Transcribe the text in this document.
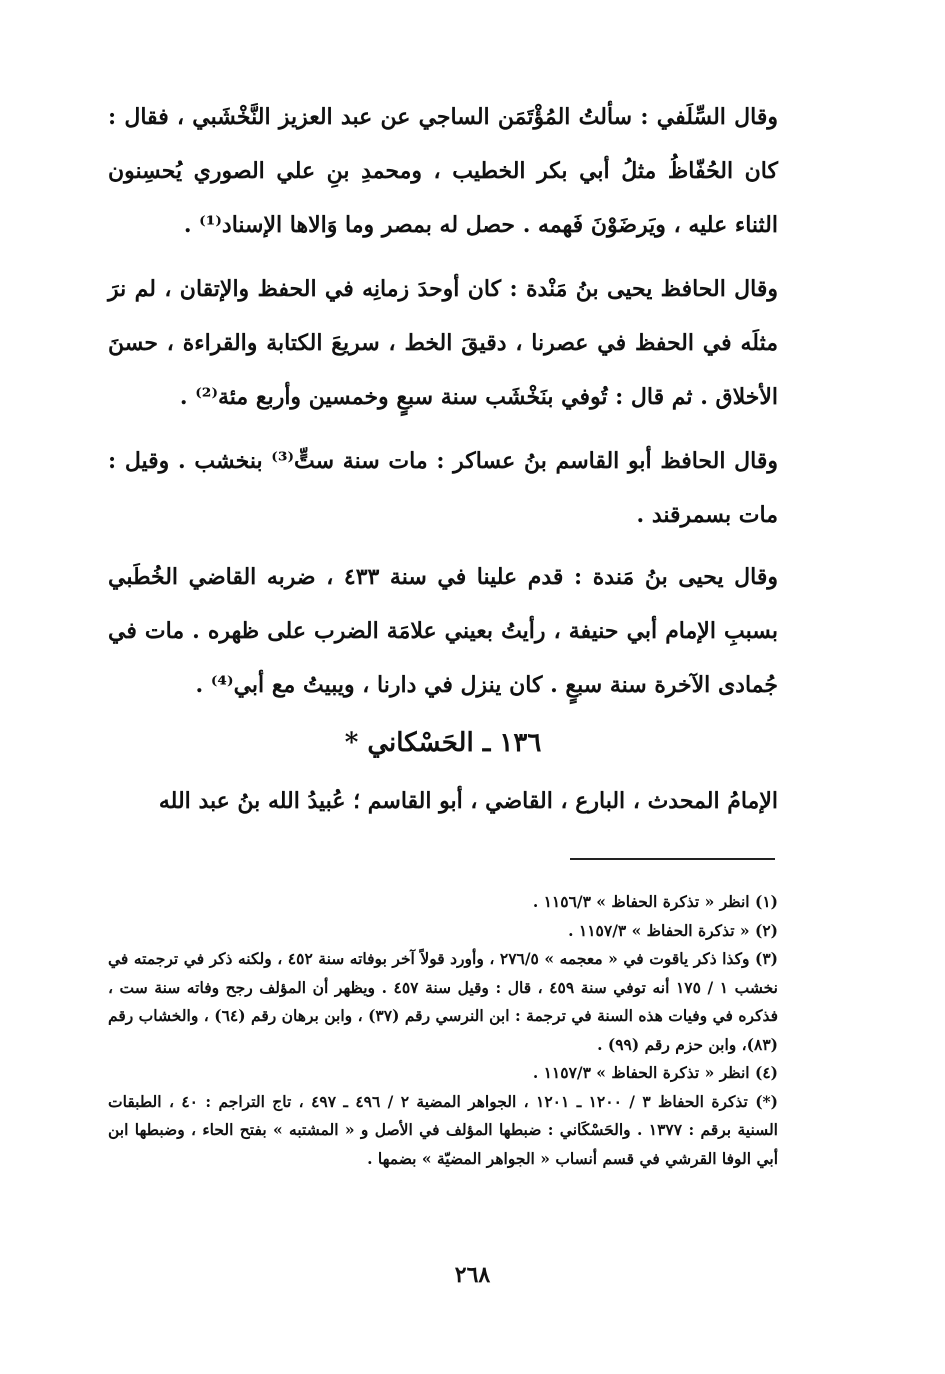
وقال السِّلَفي : سألتُ المُؤْتَمَن الساجي عن عبد العزيز النَّخْشَبي ، فقال : كان الحُفّاظُ مثلُ أبي بكر الخطيب ، ومحمدِ بنِ علي الصوري يُحسِنون الثناء عليه ، ويَرضَوْنَ فَهمه . حصل له بمصر وما وَالاها الإسناد⁽¹⁾ .

وقال الحافظ يحيى بنُ مَنْدة : كان أوحدَ زمانِه في الحفظ والإتقان ، لم نرَ مثلَه في الحفظ في عصرنا ، دقيقَ الخط ، سريعَ الكتابة والقراءة ، حسنَ الأخلاق . ثم قال : تُوفي بنَخْشَب سنة سبعٍ وخمسين وأربع مئة⁽²⁾ .

وقال الحافظ أبو القاسم بنُ عساكر : مات سنة ستٍّ⁽³⁾ بنخشب . وقيل : مات بسمرقند .

وقال يحيى بنُ مَندة : قدم علينا في سنة ٤٣٣ ، ضربه القاضي الخُطَبي بسببِ الإمام أبي حنيفة ، رأيتُ بعيني علامَة الضرب على ظهره . مات في جُمادى الآخرة سنة سبعٍ . كان ينزل في دارنا ، ويبيتُ مع أبي⁽⁴⁾ .

١٣٦ ـ الحَسْكاني *

الإمامُ المحدث ، البارع ، القاضي ، أبو القاسم ؛ عُبيدُ الله بنُ عبد الله

(١) انظر « تذكرة الحفاظ » ١١٥٦/٣ .

(٢) « تذكرة الحفاظ » ١١٥٧/٣ .

(٣) وكذا ذكر ياقوت في « معجمه » ٢٧٦/٥ ، وأورد قولاً آخر بوفاته سنة ٤٥٢ ، ولكنه ذكر في ترجمته في نخشب ١ / ١٧٥ أنه توفي سنة ٤٥٩ ، قال : وقيل سنة ٤٥٧ . ويظهر أن المؤلف رجح وفاته سنة ست ، فذكره في وفيات هذه السنة في ترجمة : ابن النرسي رقم (٣٧) ، وابن برهان رقم (٦٤) ، والخشاب رقم (٨٣)، وابن حزم رقم (٩٩) .

(٤) انظر « تذكرة الحفاظ » ١١٥٧/٣ .

(*) تذكرة الحفاظ ٣ / ١٢٠٠ ـ ١٢٠١ ، الجواهر المضية ٢ / ٤٩٦ ـ ٤٩٧ ، تاج التراجم : ٤٠ ، الطبقات السنية برقم : ١٣٧٧ . والحَسْكَاني : ضبطها المؤلف في الأصل و « المشتبه » بفتح الحاء ، وضبطها ابن أبي الوفا القرشي في قسم أنساب « الجواهر المضيّة » بضمها .

٢٦٨
